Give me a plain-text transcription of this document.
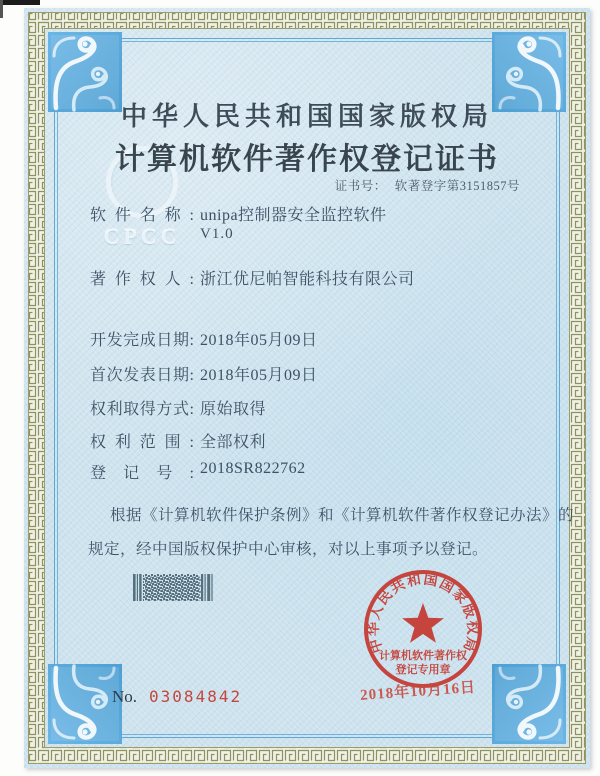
CPCC
中华人民共和国国家版权局
计算机软件著作权登记证书
证书号： 软著登字第3151857号
软件名称: unipa控制器安全监控软件
V1.0
著作权人: 浙江优尼帕智能科技有限公司
开发完成日期: 2018年05月09日
首次发表日期: 2018年05月09日
权利取得方式: 原始取得
权利范围: 全部权利
登记号: 2018SR822762
根据《计算机软件保护条例》和《计算机软件著作权登记办法》的
规定，经中国版权保护中心审核，对以上事项予以登记。
中华人民共和国国家版权局
计算机软件著作权
登记专用章
2018年10月16日
No. 03084842
